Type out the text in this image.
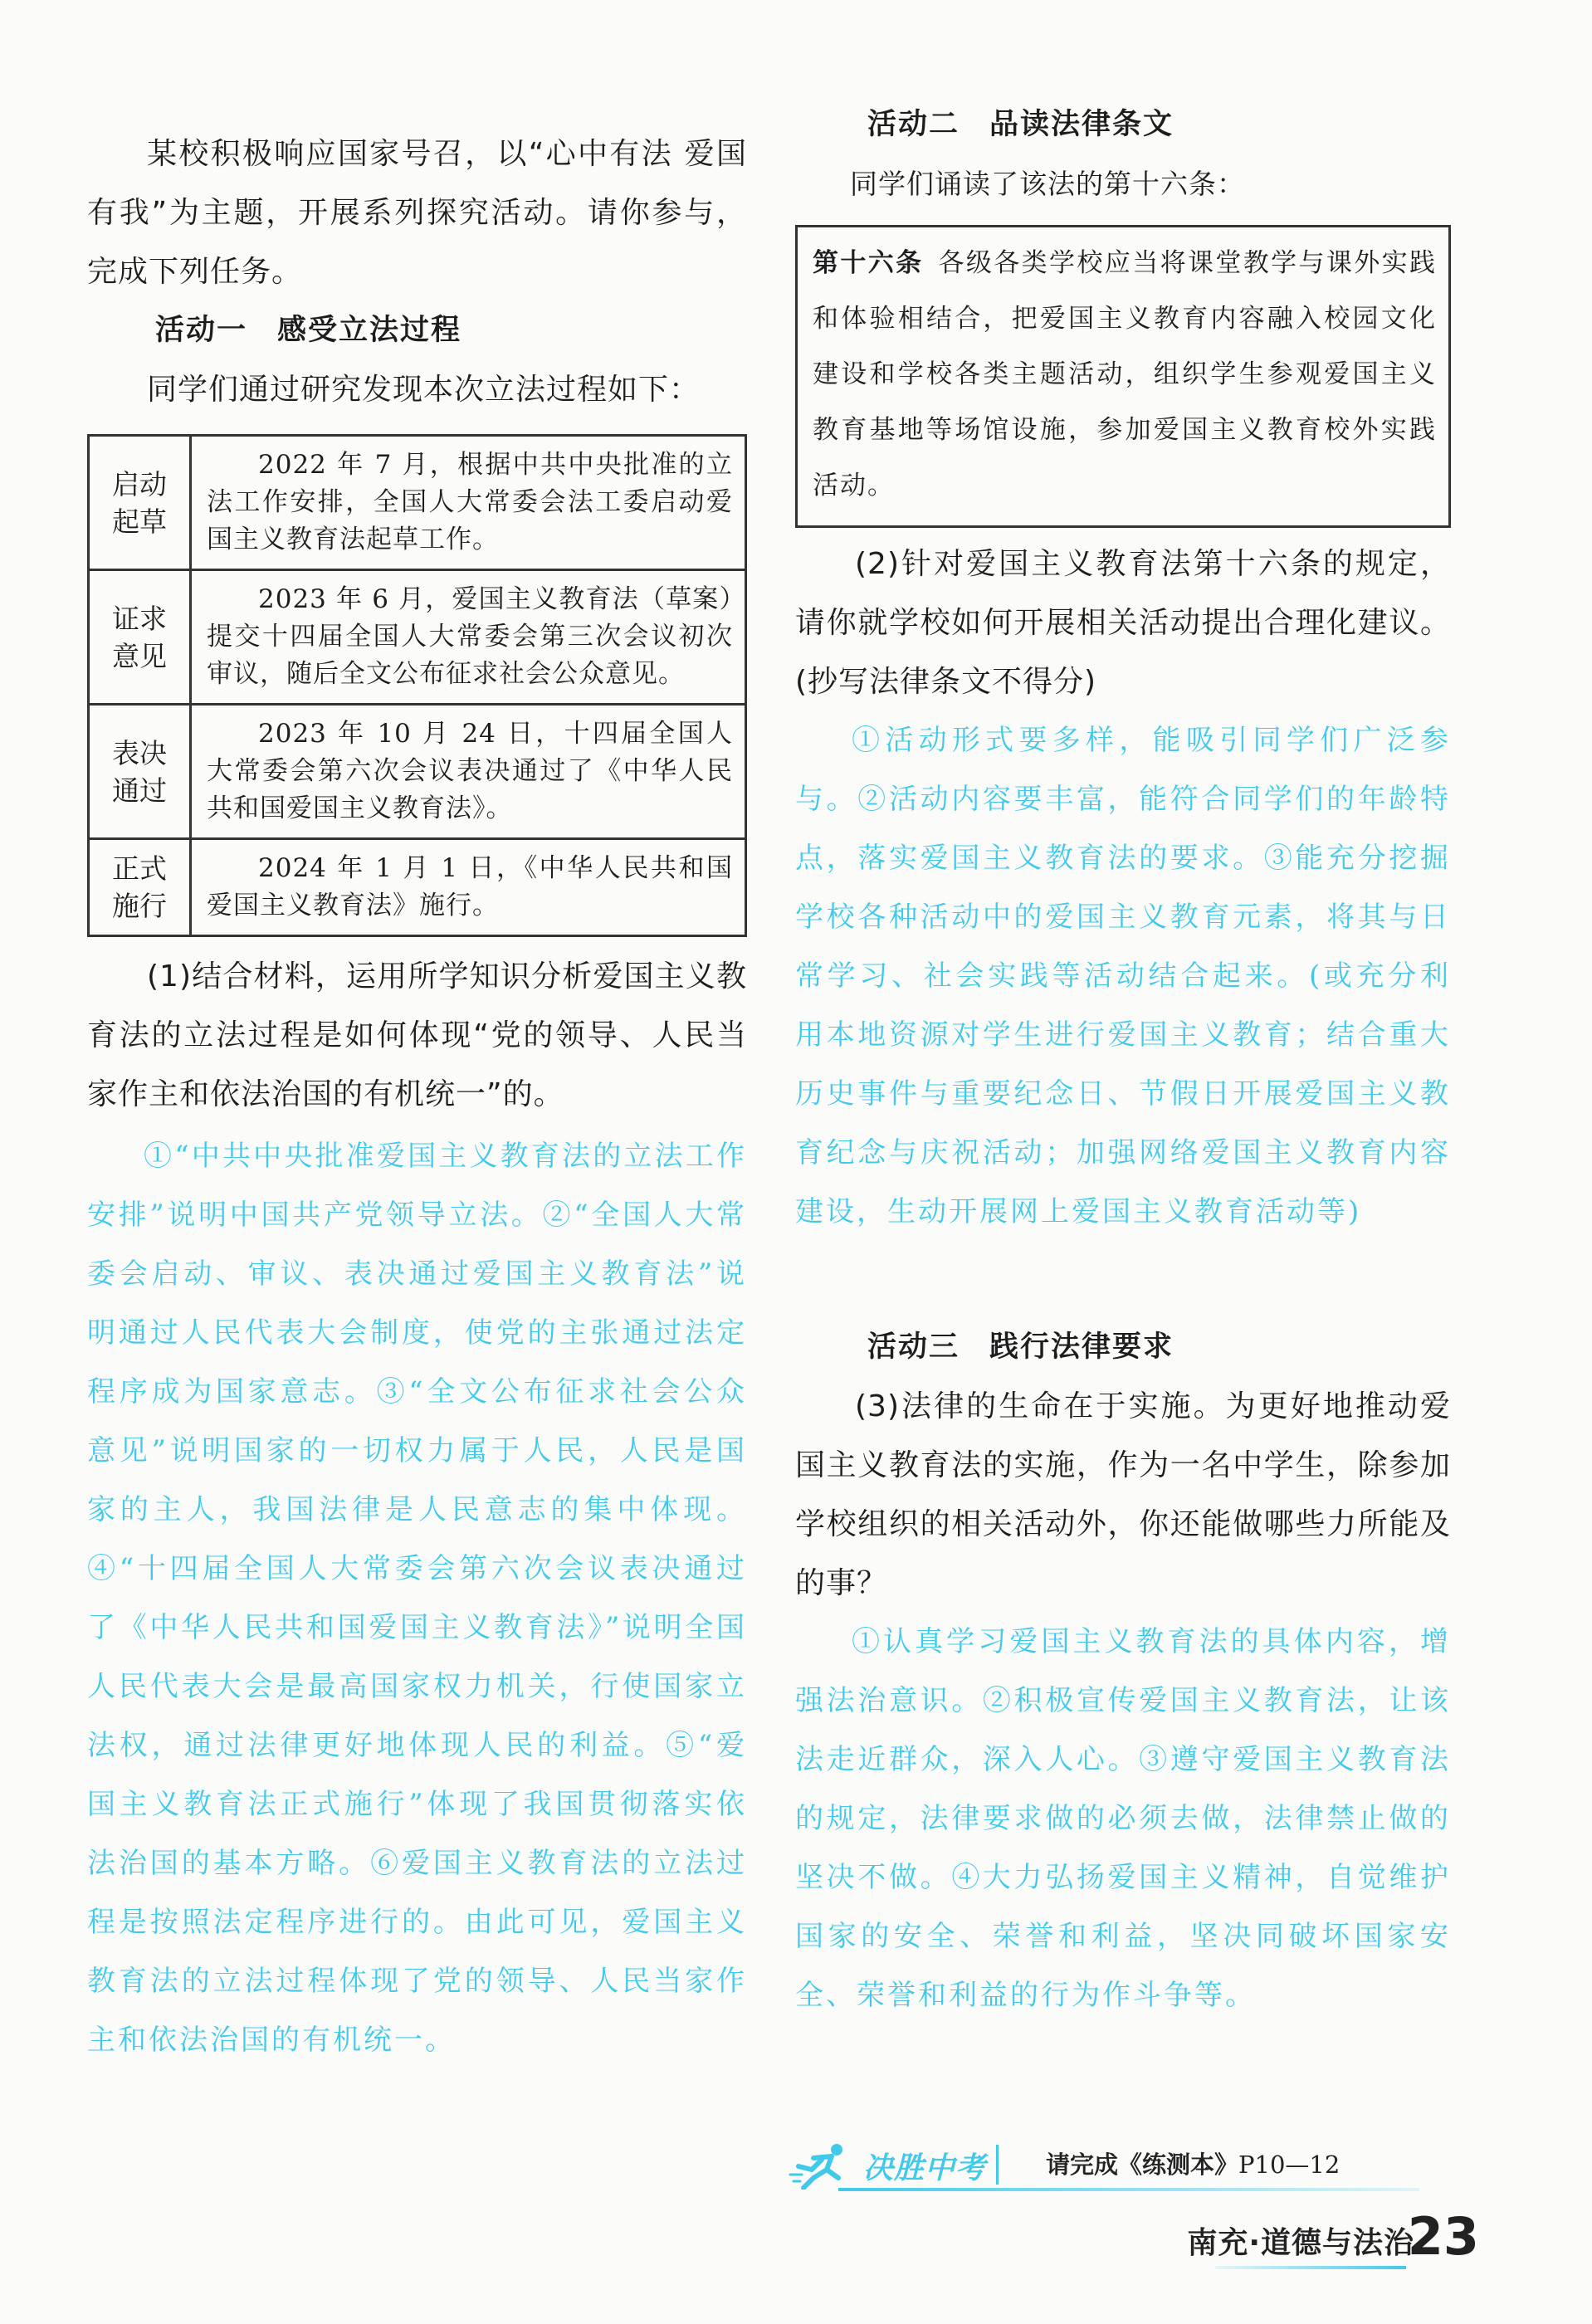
某校积极响应国家号召，以“心中有法 爱国有我”为主题，开展系列探究活动。请你参与，完成下列任务。

活动一 感受立法过程

同学们通过研究发现本次立法过程如下：

启动
起草	2022 年 7 月，根据中共中央批准的立法工作安排，全国人大常委会法工委启动爱国主义教育法起草工作。
证求
意见	2023 年 6 月，爱国主义教育法（草案）提交十四届全国人大常委会第三次会议初次审议，随后全文公布征求社会公众意见。
表决
通过	2023 年 10 月 24 日，十四届全国人大常委会第六次会议表决通过了《中华人民共和国爱国主义教育法》。
正式
施行	2024 年 1 月 1 日，《中华人民共和国爱国主义教育法》施行。

(1)结合材料，运用所学知识分析爱国主义教育法的立法过程是如何体现“党的领导、人民当家作主和依法治国的有机统一”的。

①“中共中央批准爱国主义教育法的立法工作安排”说明中国共产党领导立法。②“全国人大常委会启动、审议、表决通过爱国主义教育法”说明通过人民代表大会制度，使党的主张通过法定程序成为国家意志。③“全文公布征求社会公众意见”说明国家的一切权力属于人民，人民是国家的主人，我国法律是人民意志的集中体现。④“十四届全国人大常委会第六次会议表决通过了《中华人民共和国爱国主义教育法》”说明全国人民代表大会是最高国家权力机关，行使国家立法权，通过法律更好地体现人民的利益。⑤“爱国主义教育法正式施行”体现了我国贯彻落实依法治国的基本方略。⑥爱国主义教育法的立法过程是按照法定程序进行的。由此可见，爱国主义教育法的立法过程体现了党的领导、人民当家作主和依法治国的有机统一。

活动二 品读法律条文

同学们诵读了该法的第十六条：

第十六条 各级各类学校应当将课堂教学与课外实践和体验相结合，把爱国主义教育内容融入校园文化建设和学校各类主题活动，组织学生参观爱国主义教育基地等场馆设施，参加爱国主义教育校外实践活动。

(2)针对爱国主义教育法第十六条的规定，请你就学校如何开展相关活动提出合理化建议。(抄写法律条文不得分)

①活动形式要多样，能吸引同学们广泛参与。②活动内容要丰富，能符合同学们的年龄特点，落实爱国主义教育法的要求。③能充分挖掘学校各种活动中的爱国主义教育元素，将其与日常学习、社会实践等活动结合起来。(或充分利用本地资源对学生进行爱国主义教育；结合重大历史事件与重要纪念日、节假日开展爱国主义教育纪念与庆祝活动；加强网络爱国主义教育内容建设，生动开展网上爱国主义教育活动等)

活动三 践行法律要求

(3)法律的生命在于实施。为更好地推动爱国主义教育法的实施，作为一名中学生，除参加学校组织的相关活动外，你还能做哪些力所能及的事？

①认真学习爱国主义教育法的具体内容，增强法治意识。②积极宣传爱国主义教育法，让该法走近群众，深入人心。③遵守爱国主义教育法的规定，法律要求做的必须去做，法律禁止做的坚决不做。④大力弘扬爱国主义精神，自觉维护国家的安全、荣誉和利益，坚决同破坏国家安全、荣誉和利益的行为作斗争等。

决胜中考 请完成《练测本》P10—12
南充·道德与法治
23
